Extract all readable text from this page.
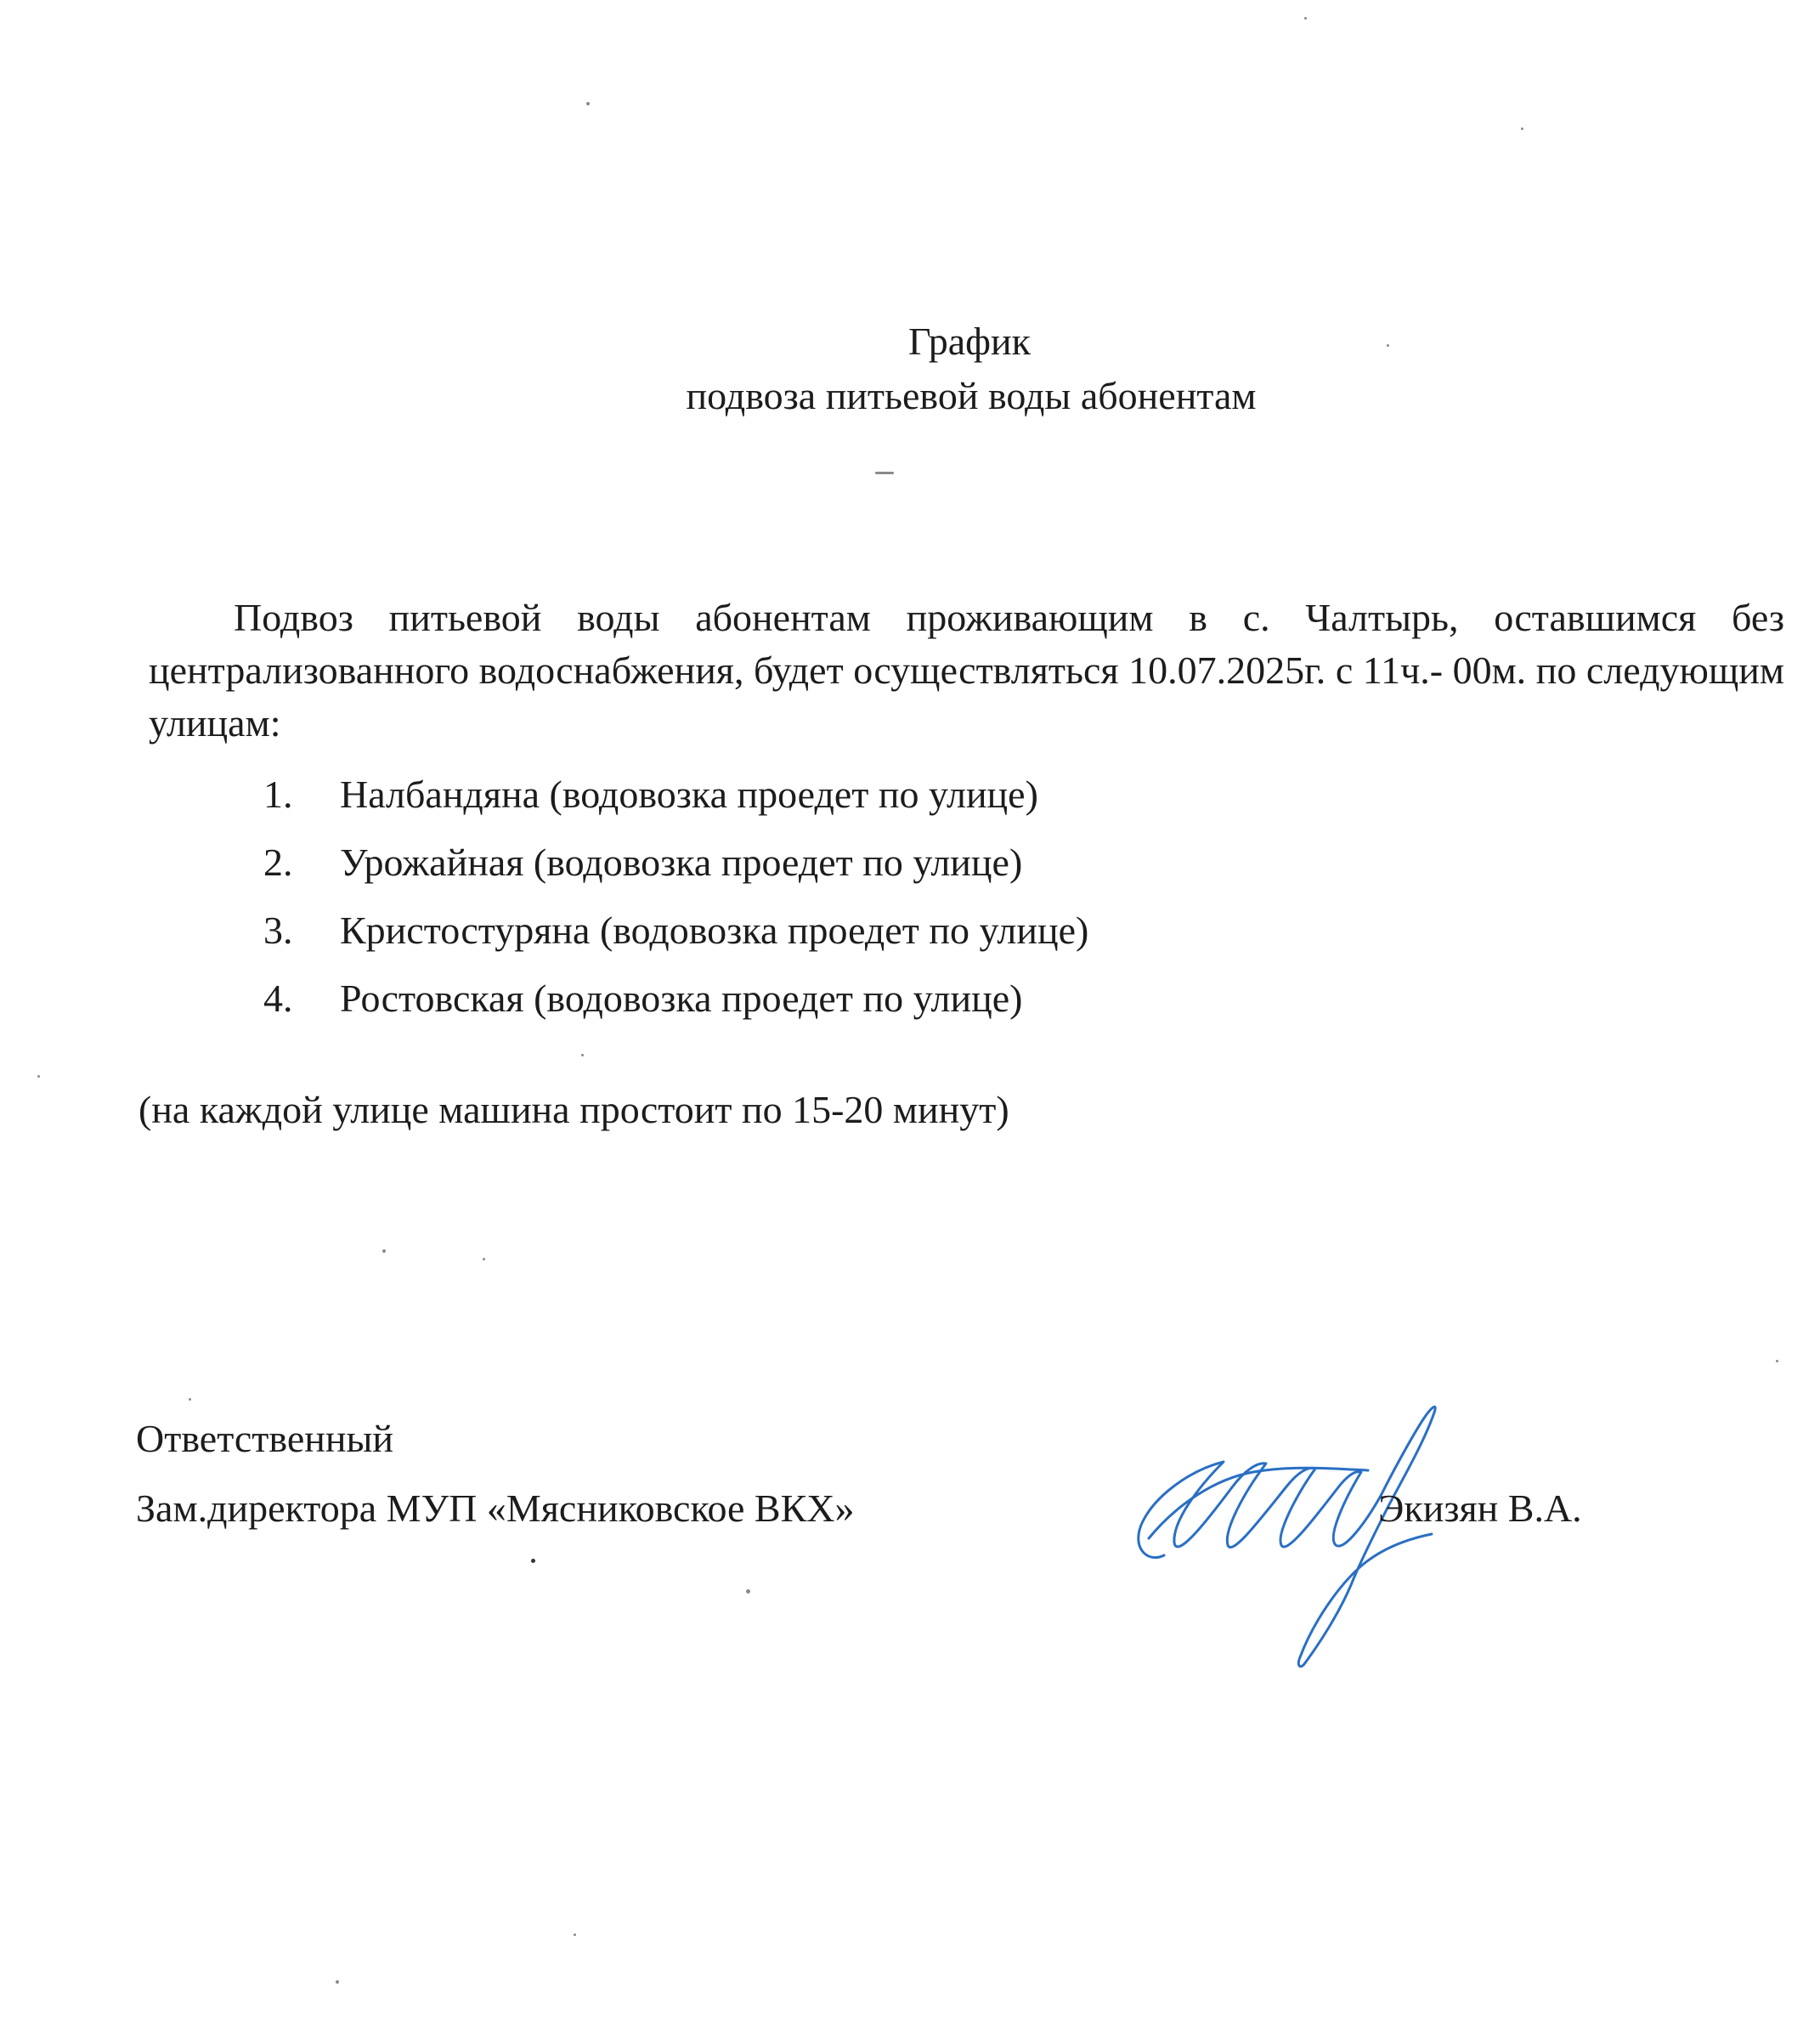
График
подвоза питьевой воды абонентам

Подвоз питьевой воды абонентам проживающим в с. Чалтырь, оставшимся без централизованного водоснабжения, будет осуществляться 10.07.2025г. с 11ч.- 00м. по следующим улицам:

1.	Налбандяна (водовозка проедет по улице)
2.	Урожайная (водовозка проедет по улице)
3.	Кристостуряна (водовозка проедет по улице)
4.	Ростовская (водовозка проедет по улице)
(на каждой улице машина простоит по 15-20 минут)
Ответственный
Зам.директора МУП «Мясниковское ВКХ»	Экизян В.А.
